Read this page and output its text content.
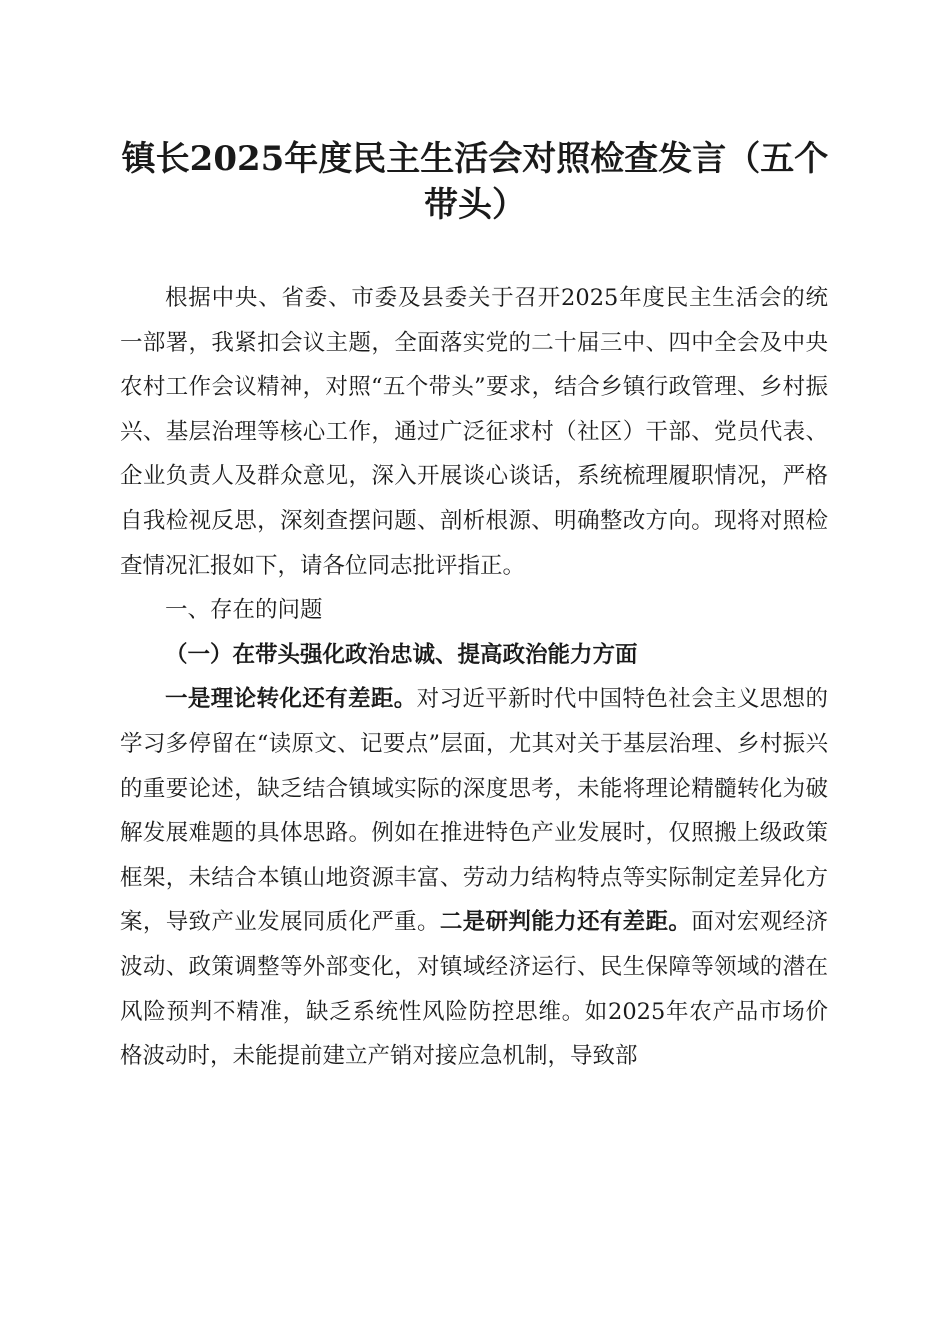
镇长2025年度民主生活会对照检查发言（五个带头）

根据中央、省委、市委及县委关于召开2025年度民主生活会的统一部署，我紧扣会议主题，全面落实党的二十届三中、四中全会及中央农村工作会议精神，对照“五个带头”要求，结合乡镇行政管理、乡村振兴、基层治理等核心工作，通过广泛征求村（社区）干部、党员代表、企业负责人及群众意见，深入开展谈心谈话，系统梳理履职情况，严格自我检视反思，深刻查摆问题、剖析根源、明确整改方向。现将对照检查情况汇报如下，请各位同志批评指正。

一、存在的问题

（一）在带头强化政治忠诚、提高政治能力方面

一是理论转化还有差距。对习近平新时代中国特色社会主义思想的学习多停留在“读原文、记要点”层面，尤其对关于基层治理、乡村振兴的重要论述，缺乏结合镇域实际的深度思考，未能将理论精髓转化为破解发展难题的具体思路。例如在推进特色产业发展时，仅照搬上级政策框架，未结合本镇山地资源丰富、劳动力结构特点等实际制定差异化方案，导致产业发展同质化严重。二是研判能力还有差距。面对宏观经济波动、政策调整等外部变化，对镇域经济运行、民生保障等领域的潜在风险预判不精准，缺乏系统性风险防控思维。如2025年农产品市场价格波动时，未能提前建立产销对接应急机制，导致部
